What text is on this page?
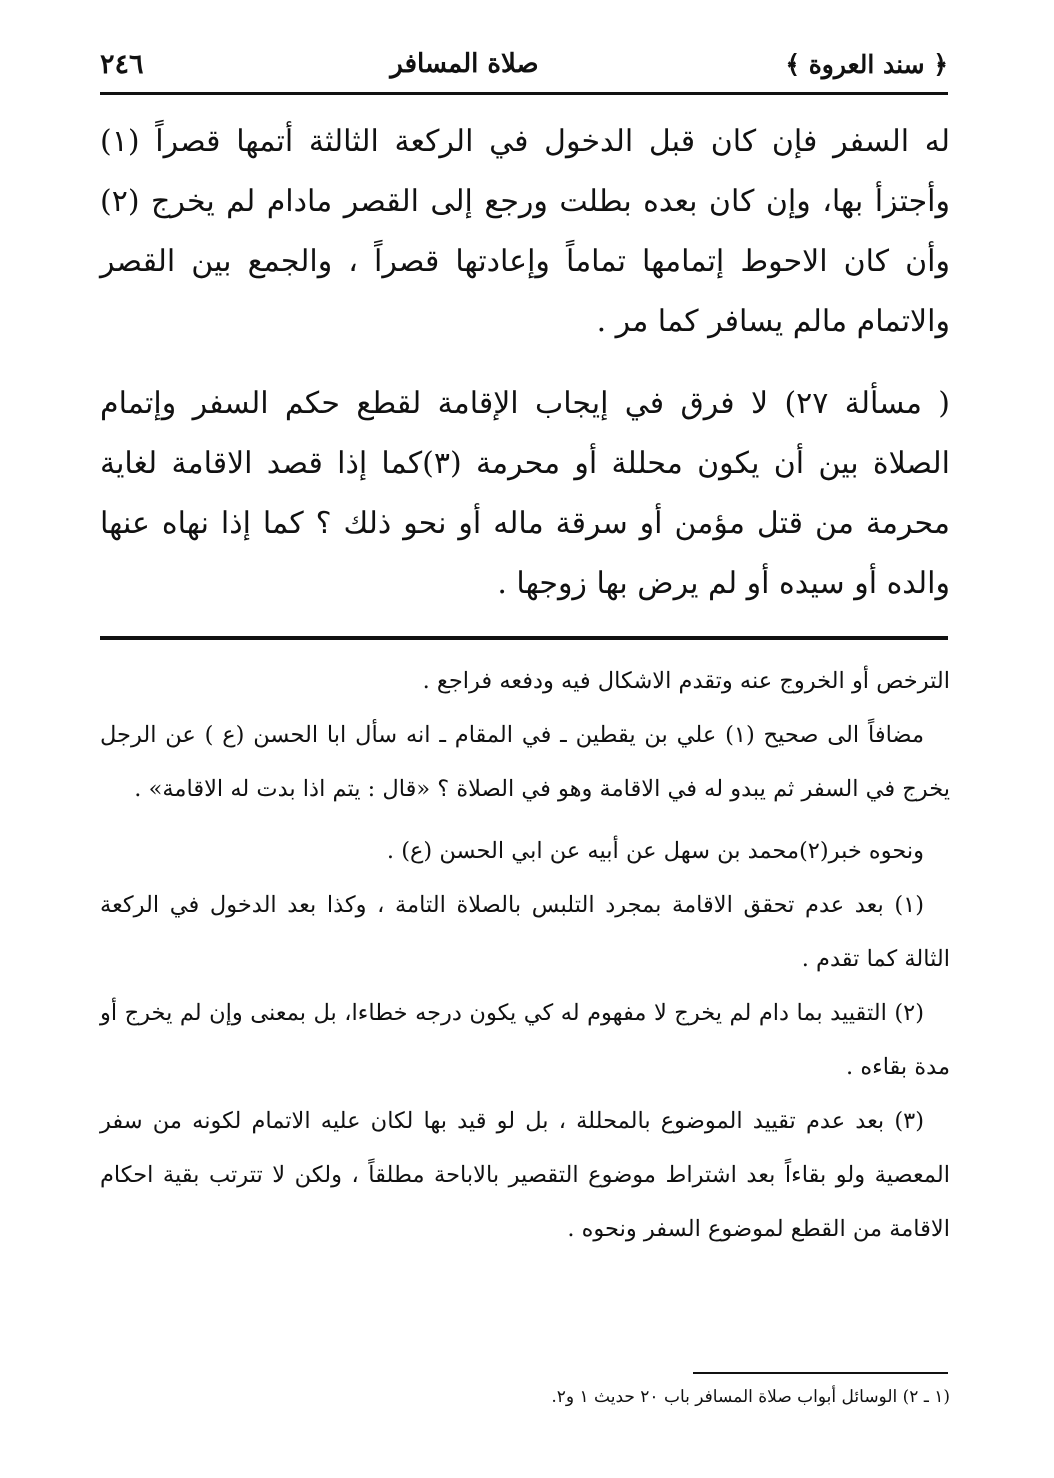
٢٤٦	صلاة المسافر	﴿ سند العروة ﴾

له السفر فإن كان قبل الدخول في الركعة الثالثة أتمها قصراً (١) وأجتزأ بها، وإن كان بعده بطلت ورجع إلى القصر مادام لم يخرج (٢) وأن كان الاحوط إتمامها تماماً وإعادتها قصراً ، والجمع بين القصر والاتمام مالم يسافر كما مر .

( مسألة ٢٧) لا فرق في إيجاب الإقامة لقطع حكم السفر وإتمام الصلاة بين أن يكون محللة أو محرمة (٣)كما إذا قصد الاقامة لغاية محرمة من قتل مؤمن أو سرقة ماله أو نحو ذلك ؟ كما إذا نهاه عنها والده أو سيده أو لم يرض بها زوجها .

الترخص أو الخروج عنه وتقدم الاشكال فيه ودفعه فراجع .

مضافاً الى صحيح (١) علي بن يقطين ـ في المقام ـ انه سأل ابا الحسن (ع ) عن الرجل يخرج في السفر ثم يبدو له في الاقامة وهو في الصلاة ؟ «قال : يتم اذا بدت له الاقامة» .

ونحوه خبر(٢)محمد بن سهل عن أبيه عن ابي الحسن (ع) .

(١) بعد عدم تحقق الاقامة بمجرد التلبس بالصلاة التامة ، وكذا بعد الدخول في الركعة الثالة كما تقدم .

(٢) التقييد بما دام لم يخرج لا مفهوم له كي يكون درجه خطاءا، بل بمعنى وإن لم يخرج أو مدة بقاءه .

(٣) بعد عدم تقييد الموضوع بالمحللة ، بل لو قيد بها لكان عليه الاتمام لكونه من سفر المعصية ولو بقاءاً بعد اشتراط موضوع التقصير بالاباحة مطلقاً ، ولكن لا تترتب بقية احكام الاقامة من القطع لموضوع السفر ونحوه .

(١ ـ ٢) الوسائل أبواب صلاة المسافر باب ٢٠ حديث ١ و٢.
